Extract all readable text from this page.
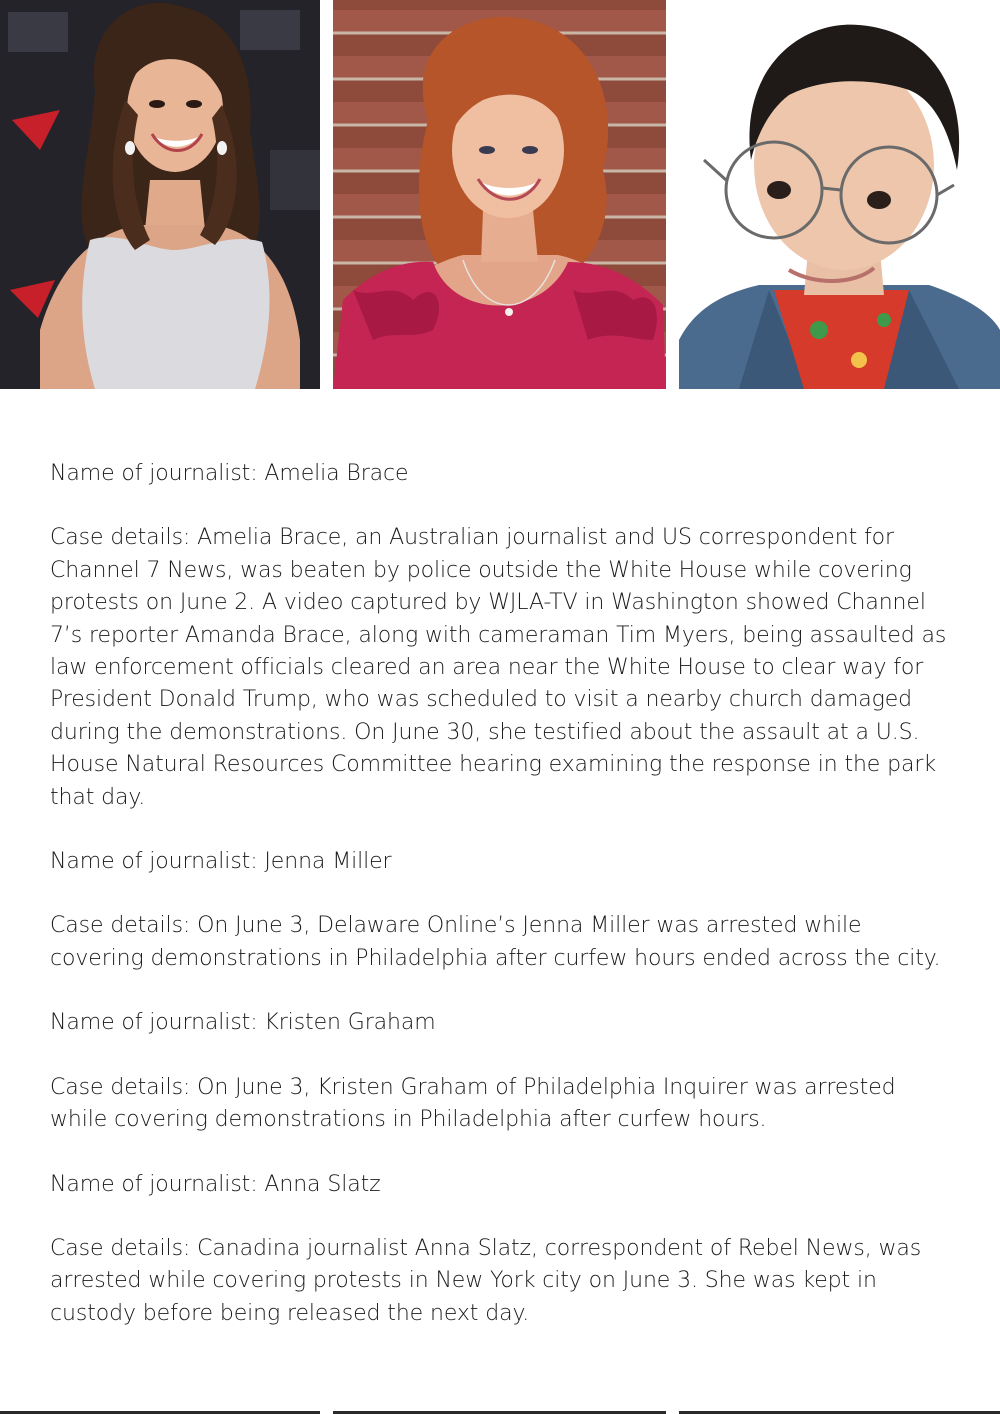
Name of journalist: Amelia Brace

Case details: Amelia Brace, an Australian journalist and US correspondent for Channel 7 News, was beaten by police outside the White House while covering protests on June 2. A video captured by WJLA-TV in Washington showed Channel 7’s reporter Amanda Brace, along with cameraman Tim Myers, being assaulted as law enforcement officials cleared an area near the White House to clear way for President Donald Trump, who was scheduled to visit a nearby church damaged during the demonstrations. On June 30, she testified about the assault at a U.S. House Natural Resources Committee hearing examining the response in the park that day.

Name of journalist: Jenna Miller

Case details: On June 3, Delaware Online’s Jenna Miller was arrested while covering demonstrations in Philadelphia after curfew hours ended across the city.

Name of journalist: Kristen Graham

Case details: On June 3, Kristen Graham of Philadelphia Inquirer was arrested while covering demonstrations in Philadelphia after curfew hours.

Name of journalist: Anna Slatz

Case details: Canadina journalist Anna Slatz, correspondent of Rebel News, was arrested while covering protests in New York city on June 3. She was kept in custody before being released the next day.
